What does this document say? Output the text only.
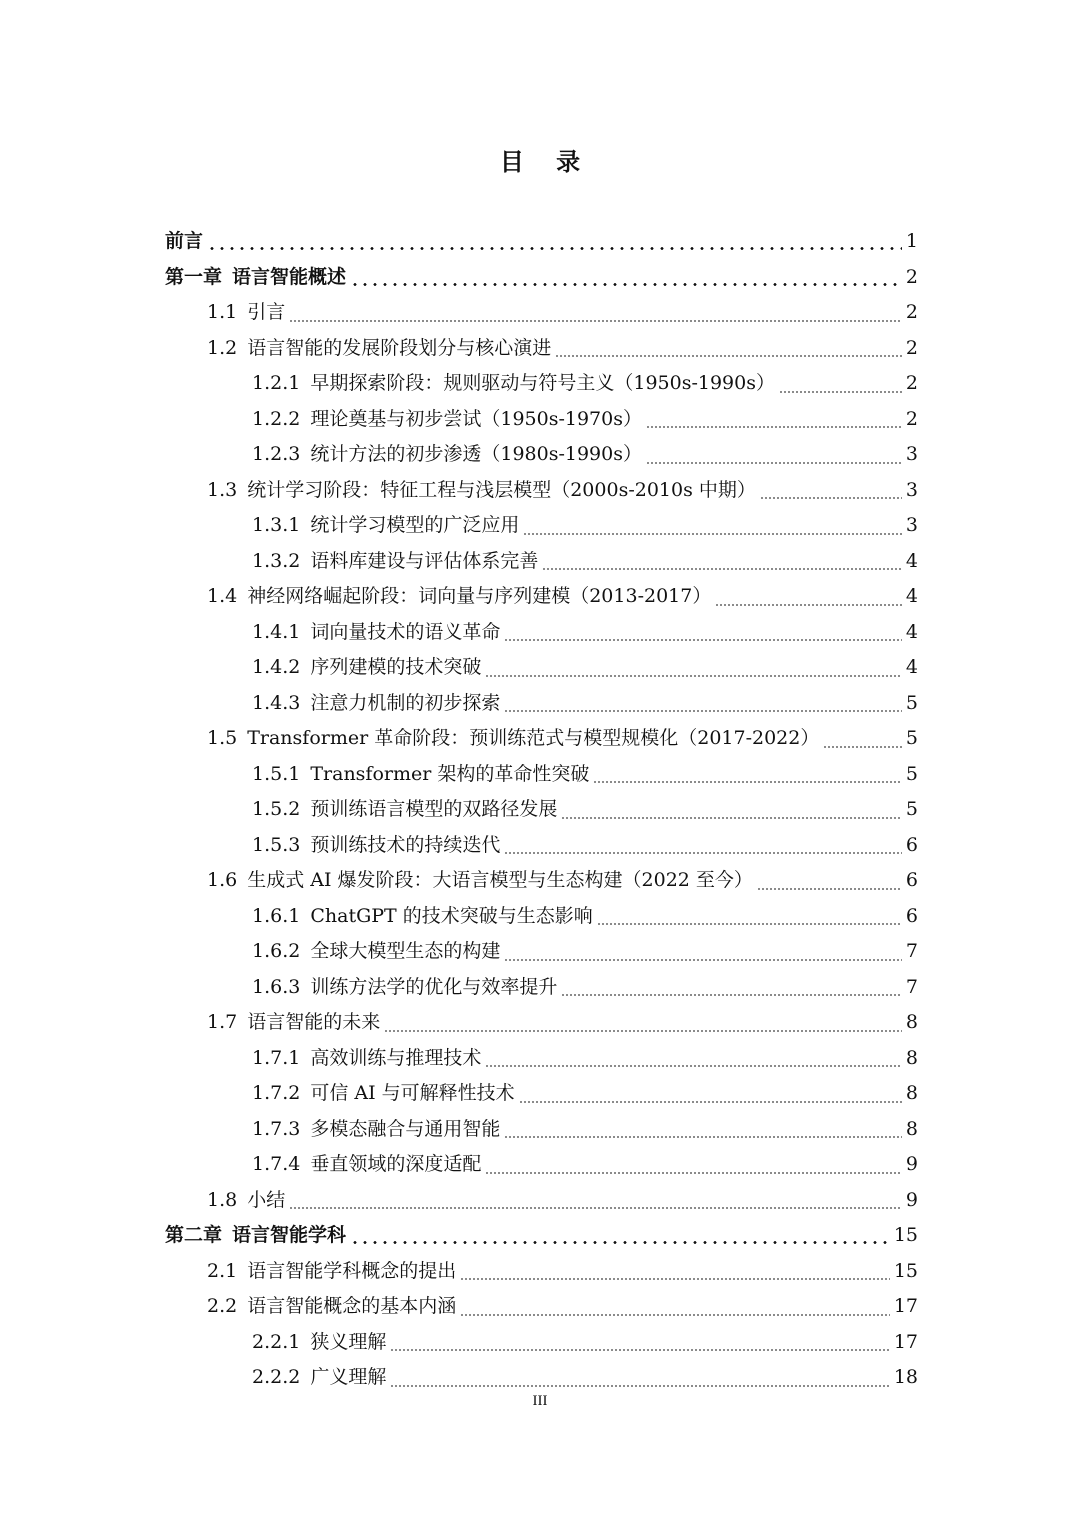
目 录
前言	1
第一章 语言智能概述	2
1.1 引言	2
1.2 语言智能的发展阶段划分与核心演进	2
1.2.1 早期探索阶段：规则驱动与符号主义（1950s-1990s）	2
1.2.2 理论奠基与初步尝试（1950s-1970s）	2
1.2.3 统计方法的初步渗透（1980s-1990s）	3
1.3 统计学习阶段：特征工程与浅层模型（2000s-2010s 中期）	3
1.3.1 统计学习模型的广泛应用	3
1.3.2 语料库建设与评估体系完善	4
1.4 神经网络崛起阶段：词向量与序列建模（2013-2017）	4
1.4.1 词向量技术的语义革命	4
1.4.2 序列建模的技术突破	4
1.4.3 注意力机制的初步探索	5
1.5 Transformer 革命阶段：预训练范式与模型规模化（2017-2022）	5
1.5.1 Transformer 架构的革命性突破	5
1.5.2 预训练语言模型的双路径发展	5
1.5.3 预训练技术的持续迭代	6
1.6 生成式 AI 爆发阶段：大语言模型与生态构建（2022 至今）	6
1.6.1 ChatGPT 的技术突破与生态影响	6
1.6.2 全球大模型生态的构建	7
1.6.3 训练方法学的优化与效率提升	7
1.7 语言智能的未来	8
1.7.1 高效训练与推理技术	8
1.7.2 可信 AI 与可解释性技术	8
1.7.3 多模态融合与通用智能	8
1.7.4 垂直领域的深度适配	9
1.8 小结	9
第二章 语言智能学科	15
2.1 语言智能学科概念的提出	15
2.2 语言智能概念的基本内涵	17
2.2.1 狭义理解	17
2.2.2 广义理解	18
III
